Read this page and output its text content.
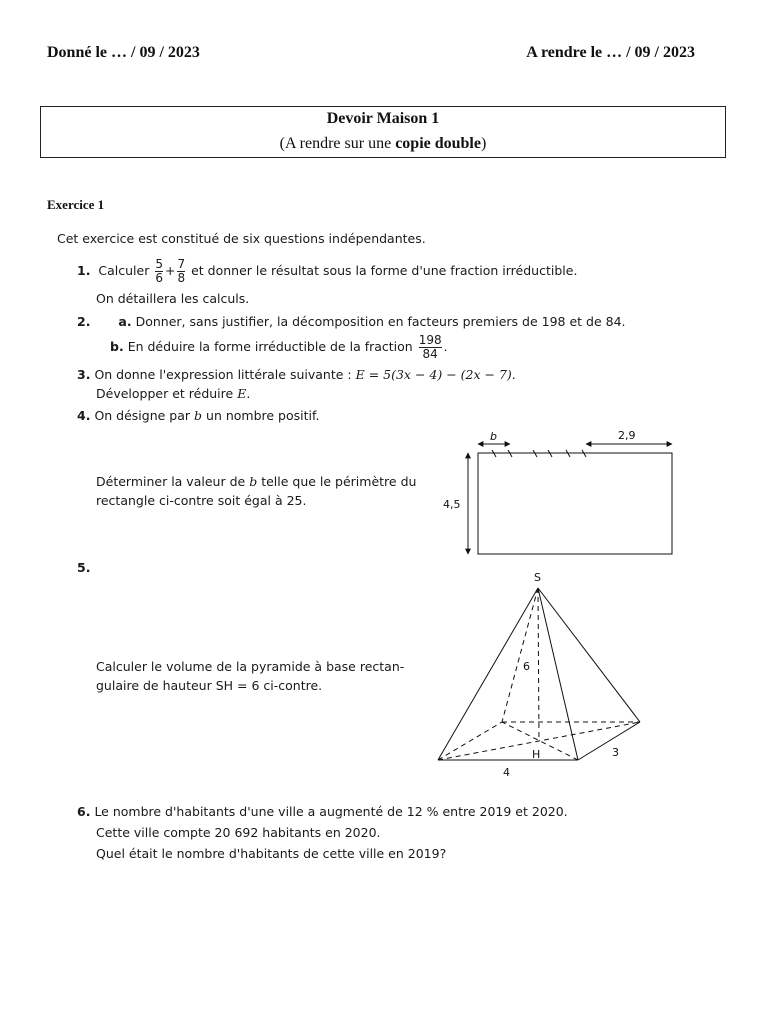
Donné le … / 09 / 2023	A rendre le … / 09 / 2023
Devoir Maison 1
(A rendre sur une copie double)
Exercice 1
Cet exercice est constitué de six questions indépendantes.
1. Calculer $\frac{5}{6} + \frac{7}{8}$ et donner le résultat sous la forme d'une fraction irréductible.
On détaillera les calculs.
2. a. Donner, sans justifier, la décomposition en facteurs premiers de 198 et de 84.
b. En déduire la forme irréductible de la fraction $\frac{198}{84}$ .
3. On donne l'expression littérale suivante : E = 5(3x − 4) − (2x − 7).
Développer et réduire E.
4. On désigne par b un nombre positif.
Déterminer la valeur de b telle que le périmètre du
rectangle ci-contre soit égal à 25.
b	2,9
4,5
5.
Calculer le volume de la pyramide à base rectan-
gulaire de hauteur SH = 6 ci-contre.
S
H
6
4
3
6. Le nombre d'habitants d'une ville a augmenté de 12 % entre 2019 et 2020.
Cette ville compte 20 692 habitants en 2020.
Quel était le nombre d'habitants de cette ville en 2019?
